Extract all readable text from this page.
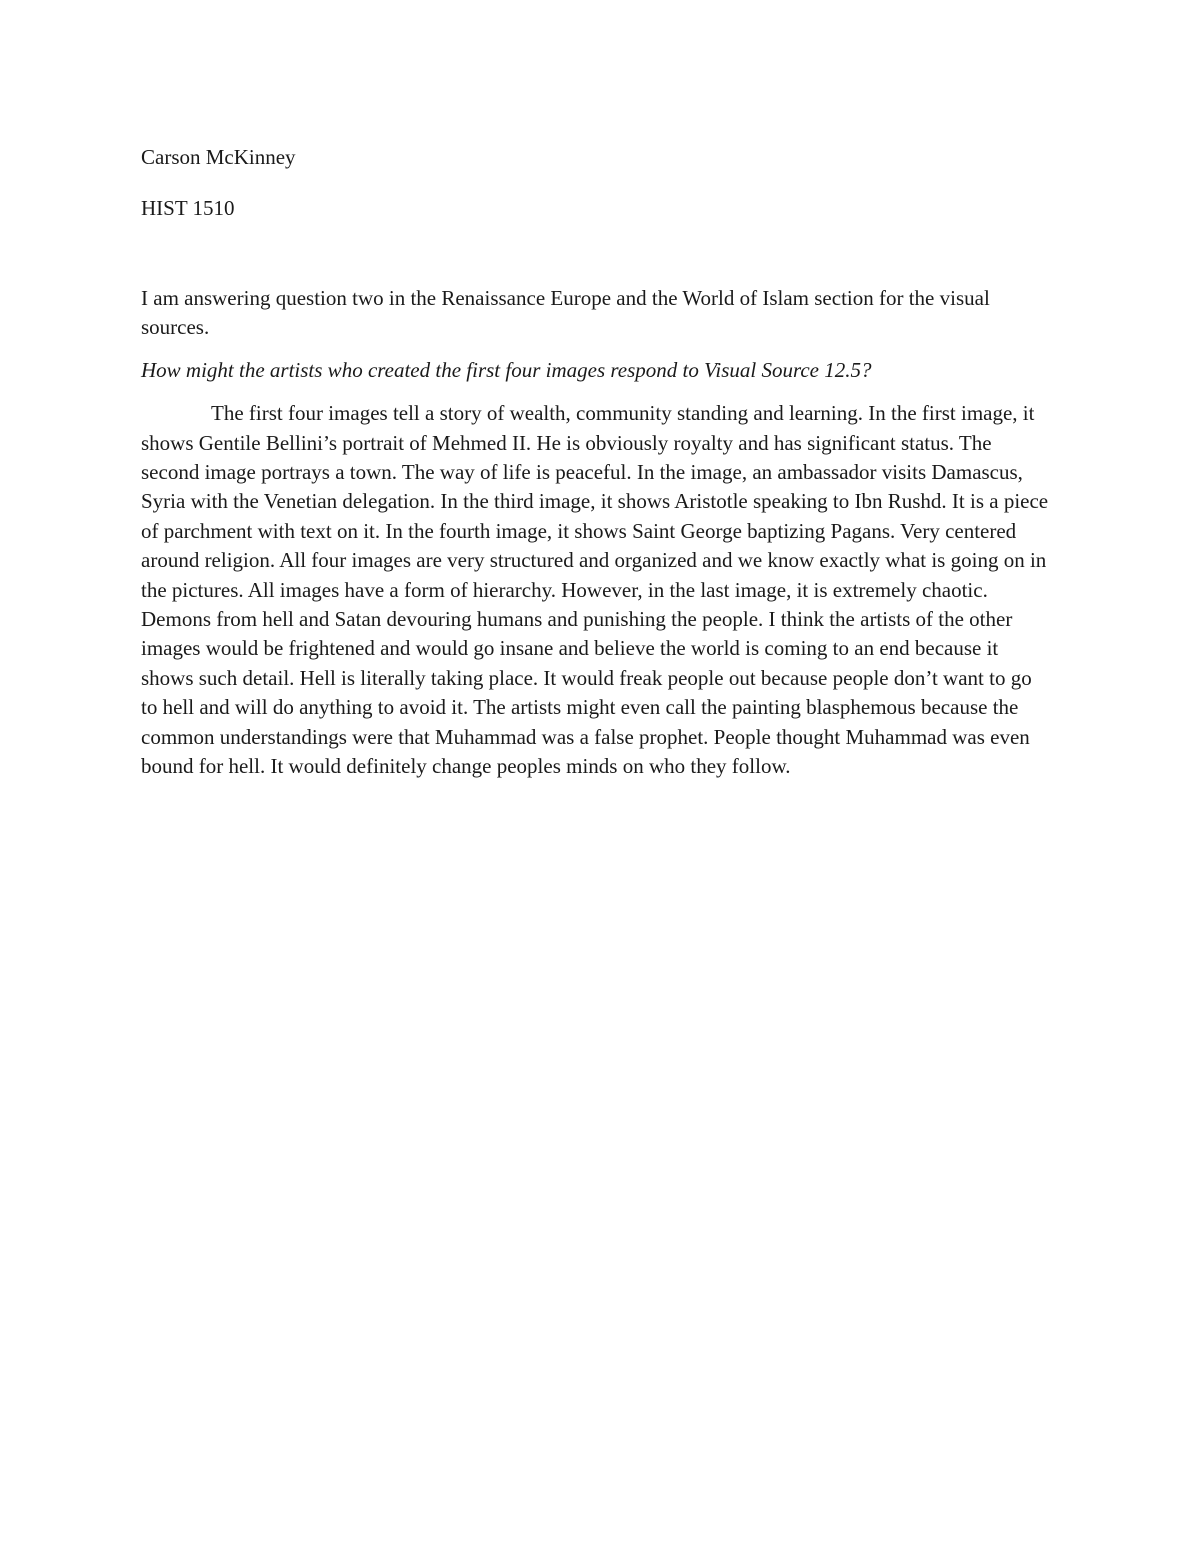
Carson McKinney

HIST 1510

I am answering question two in the Renaissance Europe and the World of Islam section for the visual sources.

How might the artists who created the first four images respond to Visual Source 12.5?

The first four images tell a story of wealth, community standing and learning. In the first image, it shows Gentile Bellini’s portrait of Mehmed II. He is obviously royalty and has significant status. The second image portrays a town. The way of life is peaceful. In the image, an ambassador visits Damascus, Syria with the Venetian delegation. In the third image, it shows Aristotle speaking to Ibn Rushd. It is a piece of parchment with text on it. In the fourth image, it shows Saint George baptizing Pagans. Very centered around religion. All four images are very structured and organized and we know exactly what is going on in the pictures. All images have a form of hierarchy. However, in the last image, it is extremely chaotic. Demons from hell and Satan devouring humans and punishing the people. I think the artists of the other images would be frightened and would go insane and believe the world is coming to an end because it shows such detail. Hell is literally taking place. It would freak people out because people don’t want to go to hell and will do anything to avoid it. The artists might even call the painting blasphemous because the common understandings were that Muhammad was a false prophet. People thought Muhammad was even bound for hell. It would definitely change peoples minds on who they follow.
